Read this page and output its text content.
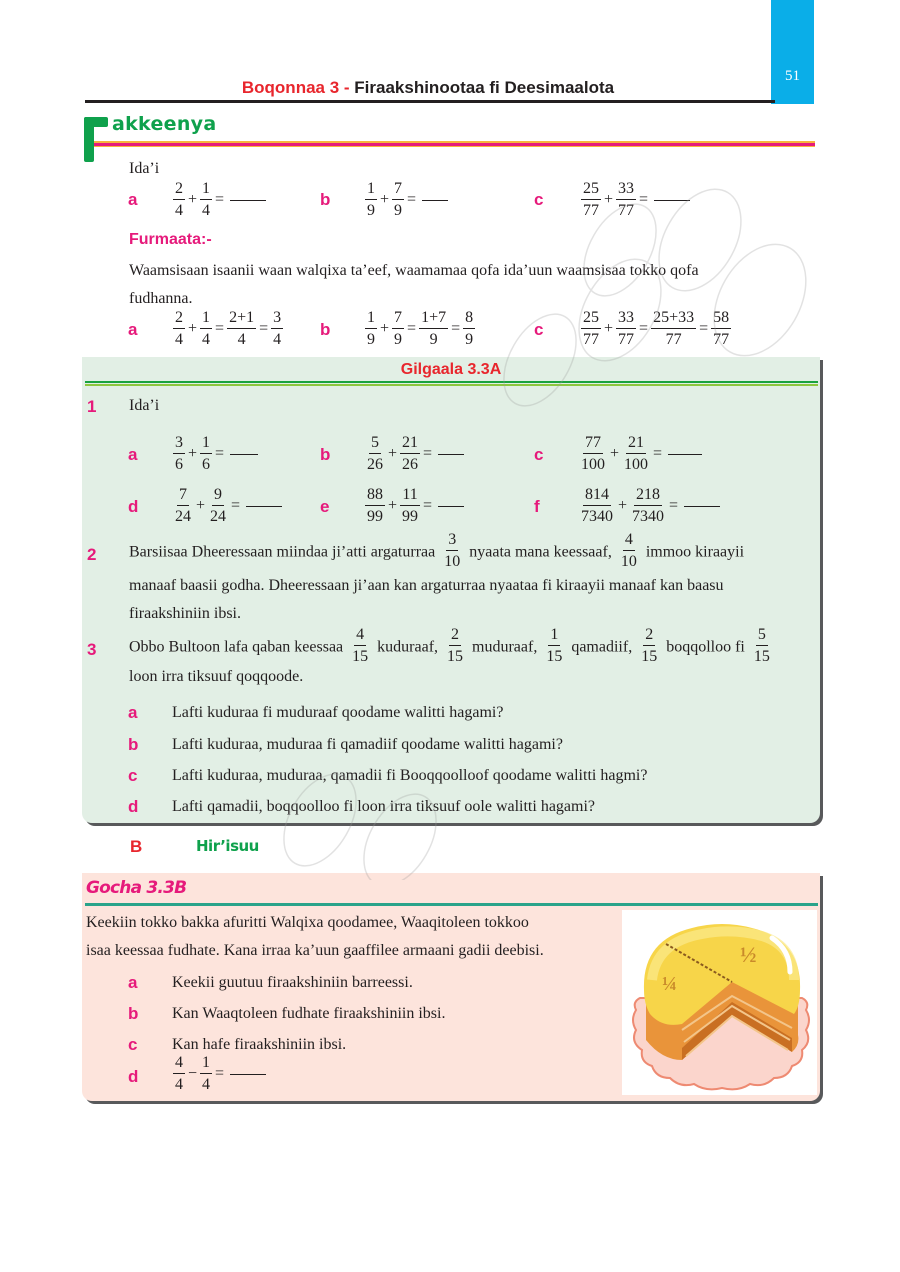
51
Boqonnaa 3 - Firaakshinootaa fi Deesimaalota
akkeenya
Ida’i
a $\frac{2}{4} + \frac{1}{4}$ =	b $\frac{1}{9} + \frac{7}{9}$ =	c $\frac{25}{77} + \frac{33}{77}$ =
Furmaata:-
Waamsisaan isaanii waan walqixa ta’eef, waamamaa qofa ida’uun waamsisaa tokko qofa
fudhanna.
a $\frac{2}{4} + \frac{1}{4} = \frac{2+1}{4} = \frac{3}{4}$ b $\frac{1}{9} + \frac{7}{9} = \frac{1+7}{9} = \frac{8}{9}$	c $\frac{25}{77} + \frac{33}{77} = \frac{25+33}{77} = \frac{58}{77}$
Gilgaala 3.3A
1 Ida’i
a $\frac{3}{6} + \frac{1}{6}$ =	b $\frac{5}{26} + \frac{21}{26}$ =	c $\frac{77}{100} + \frac{21}{100}$ =
d $\frac{7}{24} + \frac{9}{24}$ =	e $\frac{88}{99} + \frac{11}{99}$ =	f $\frac{814}{7340} + \frac{218}{7340}$ =
2 Barsiisaa Dheeressaan miindaa ji’atti argaturraa $\frac{3}{10}$ nyaata mana keessaaf, $\frac{4}{10}$ immoo kiraayii
manaaf baasii godha. Dheeressaan ji’aan kan argaturraa nyaataa fi kiraayii manaaf kan baasu
firaakshiniin ibsi.
3 Obbo Bultoon lafa qaban keessaa $\frac{4}{15}$ kuduraaf, $\frac{2}{15}$ muduraaf, $\frac{1}{15}$ qamadiif, $\frac{2}{15}$ boqqolloo fi $\frac{5}{15}$
loon irra tiksuuf qoqqoode.
a Lafti kuduraa fi muduraaf qoodame walitti hagami?
b Lafti kuduraa, muduraa fi qamadiif qoodame walitti hagami?
c Lafti kuduraa, muduraa, qamadii fi Booqqoolloof qoodame walitti hagmi?
d Lafti qamadii, boqqoolloo fi loon irra tiksuuf oole walitti hagami?
B	Hir’isuu
Gocha 3.3B
Keekiin tokko bakka afuritti Walqixa qoodamee, Waaqitoleen tokkoo
isaa keessaa fudhate. Kana irraa ka’uun gaaffilee armaani gadii deebisi.
a Keekii guutuu firaakshiniin barreessi.
b Kan Waaqtoleen fudhate firaakshiniin ibsi.
c Kan hafe firaakshiniin ibsi.
d $\frac{4}{4} - \frac{1}{4}$ =
½
¼
